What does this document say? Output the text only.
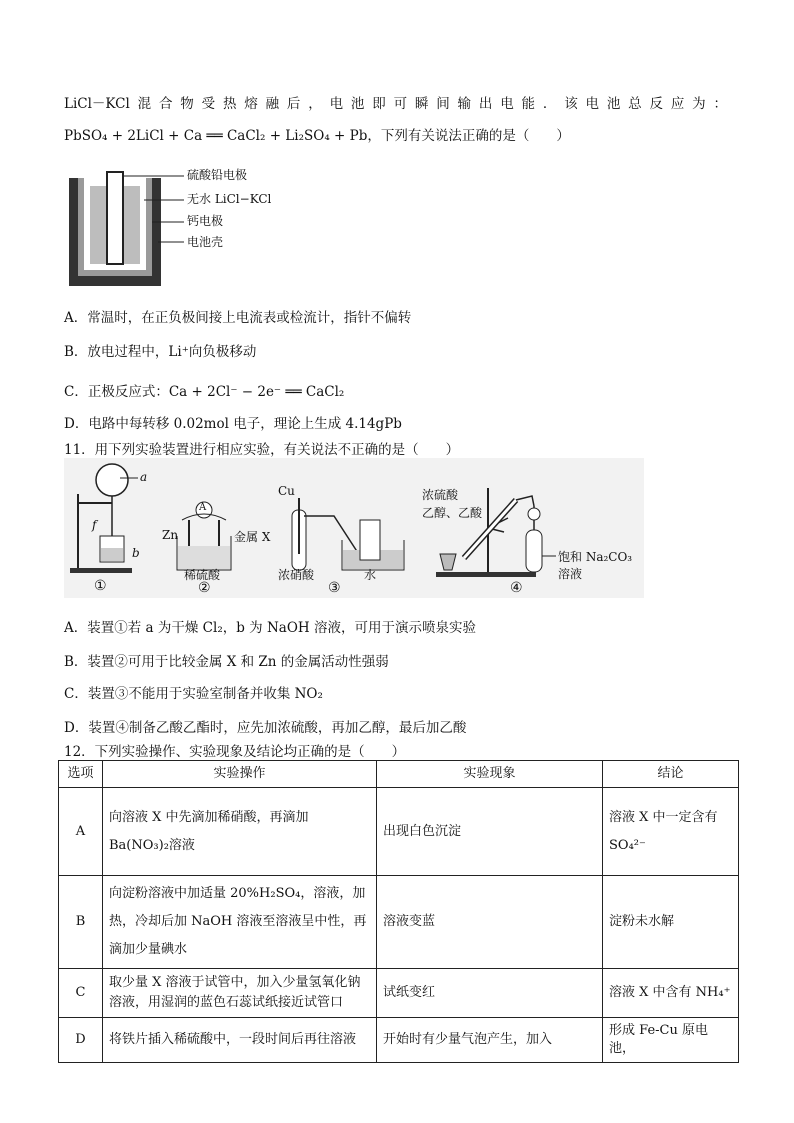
LiCl－KCl混合物受热熔融后，电池即可瞬间输出电能．该电池总反应为：
PbSO₄ + 2LiCl + Ca ══ CaCl₂ + Li₂SO₄ + Pb，下列有关说法正确的是（　　）
硫酸铅电极
无水 LiCl−KCl
钙电极
电池壳
A．常温时，在正负极间接上电流表或检流计，指针不偏转
B．放电过程中，Li⁺向负极移动
C．正极反应式：Ca + 2Cl⁻ − 2e⁻ ══ CaCl₂
D．电路中每转移 0.02mol 电子，理论上生成 4.14gPb
11．用下列实验装置进行相应实验，有关说法不正确的是（　　）
a
b
f
①
A
Zn	金属 X
稀硫酸
②
Cu
浓硝酸	水
③
浓硫酸
乙醇、乙酸
饱和 Na₂CO₃ 溶液
④
A．装置①若 a 为干燥 Cl₂，b 为 NaOH 溶液，可用于演示喷泉实验
B．装置②可用于比较金属 X 和 Zn 的金属活动性强弱
C．装置③不能用于实验室制备并收集 NO₂
D．装置④制备乙酸乙酯时，应先加浓硫酸，再加乙醇，最后加乙酸
12．下列实验操作、实验现象及结论均正确的是（　　）
选项	实验操作	实验现象	结论
A	向溶液 X 中先滴加稀硝酸，再滴加 Ba(NO₃)₂溶液	出现白色沉淀	溶液 X 中一定含有 SO₄²⁻
B	向淀粉溶液中加适量 20%H₂SO₄，溶液，加热，冷却后加 NaOH 溶液至溶液呈中性，再滴加少量碘水	溶液变蓝	淀粉未水解
C	取少量 X 溶液于试管中，加入少量氢氧化钠溶液，用湿润的蓝色石蕊试纸接近试管口	试纸变红	溶液 X 中含有 NH₄⁺
D	将铁片插入稀硫酸中，一段时间后再往溶液	开始时有少量气泡产生，加入	形成 Fe-Cu 原电池，
